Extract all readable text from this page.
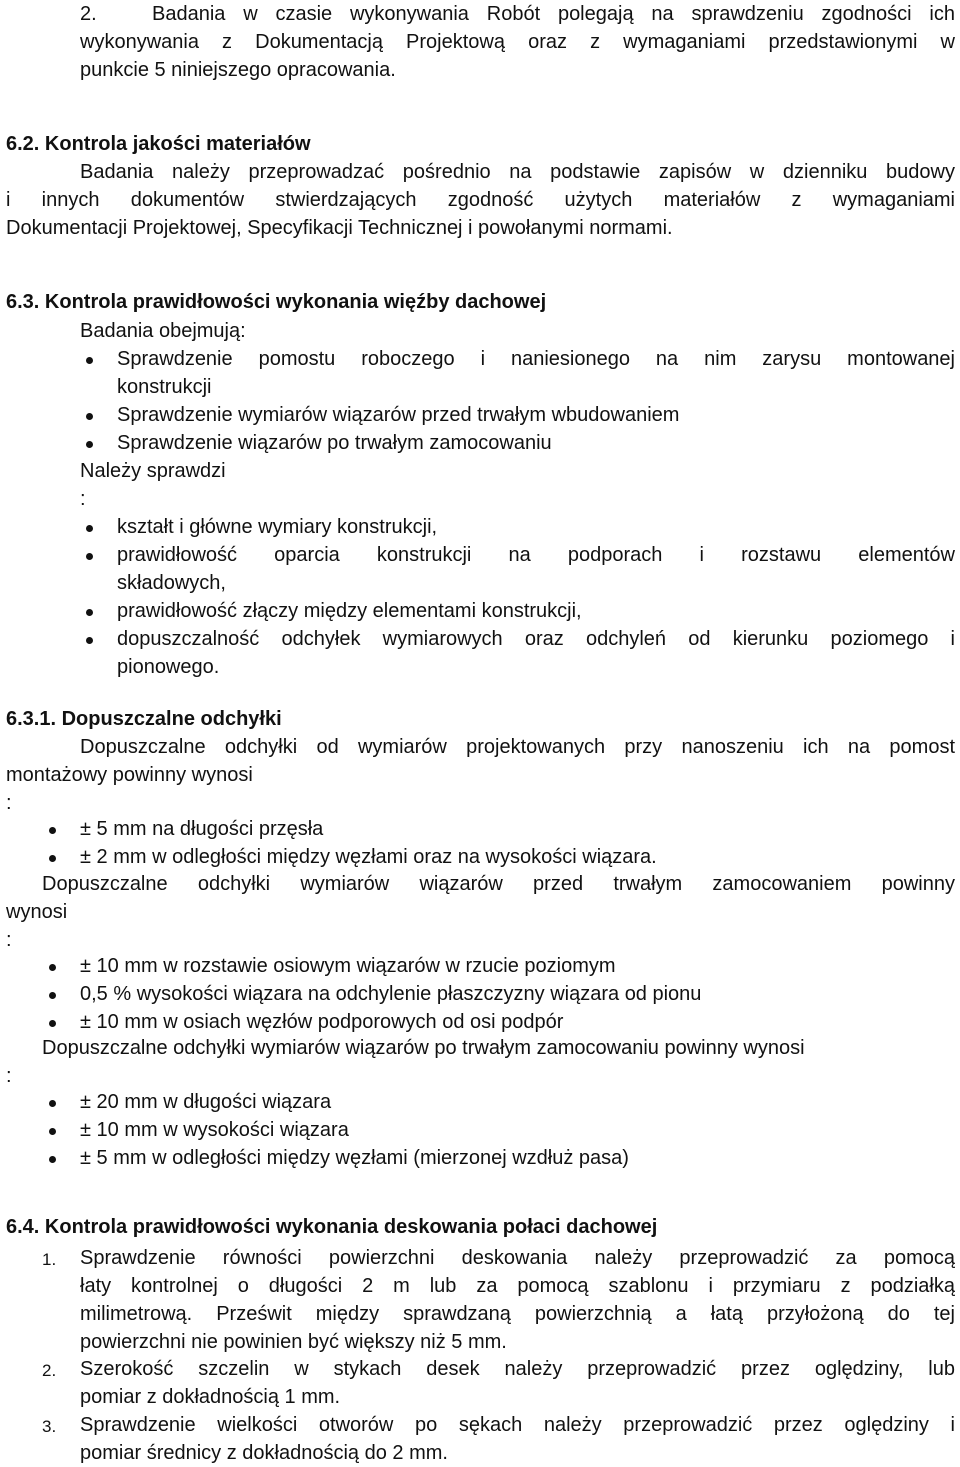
2.	Badania w czasie wykonywania Robót polegają na sprawdzeniu zgodności ich
wykonywania z Dokumentacją Projektową oraz z wymaganiami przedstawionymi w
punkcie 5 niniejszego opracowania.
6.2. Kontrola jakości materiałów
Badania należy przeprowadzać pośrednio na podstawie zapisów w dzienniku budowy
i innych dokumentów stwierdzających zgodność użytych materiałów z wymaganiami
Dokumentacji Projektowej, Specyfikacji Technicznej i powołanymi normami.
6.3. Kontrola prawidłowości wykonania więźby dachowej
Badania obejmują:
Sprawdzenie pomostu roboczego i naniesionego na nim zarysu montowanej
konstrukcji
Sprawdzenie wymiarów wiązarów przed trwałym wbudowaniem
Sprawdzenie wiązarów po trwałym zamocowaniu
Należy sprawdzi
:
kształt i główne wymiary konstrukcji,
prawidłowość oparcia konstrukcji na podporach i rozstawu elementów
składowych,
prawidłowość złączy między elementami konstrukcji,
dopuszczalność odchyłek wymiarowych oraz odchyleń od kierunku poziomego i
pionowego.
6.3.1. Dopuszczalne odchyłki
Dopuszczalne odchyłki od wymiarów projektowanych przy nanoszeniu ich na pomost
montażowy powinny wynosi
:
± 5 mm na długości przęsła
± 2 mm w odległości między węzłami oraz na wysokości wiązara.
Dopuszczalne odchyłki wymiarów wiązarów przed trwałym zamocowaniem powinny
wynosi
:
± 10 mm w rozstawie osiowym wiązarów w rzucie poziomym
0,5 % wysokości wiązara na odchylenie płaszczyzny wiązara od pionu
± 10 mm w osiach węzłów podporowych od osi podpór
Dopuszczalne odchyłki wymiarów wiązarów po trwałym zamocowaniu powinny wynosi
:
± 20 mm w długości wiązara
± 10 mm w wysokości wiązara
± 5 mm w odległości między węzłami (mierzonej wzdłuż pasa)
6.4. Kontrola prawidłowości wykonania deskowania połaci dachowej
1. Sprawdzenie równości powierzchni deskowania należy przeprowadzić za pomocą
łaty kontrolnej o długości 2 m lub za pomocą szablonu i przymiaru z podziałką
milimetrową. Prześwit między sprawdzaną powierzchnią a łatą przyłożoną do tej
powierzchni nie powinien być większy niż 5 mm.
2. Szerokość szczelin w stykach desek należy przeprowadzić przez oględziny, lub
pomiar z dokładnością 1 mm.
3. Sprawdzenie wielkości otworów po sękach należy przeprowadzić przez oględziny i
pomiar średnicy z dokładnością do 2 mm.
